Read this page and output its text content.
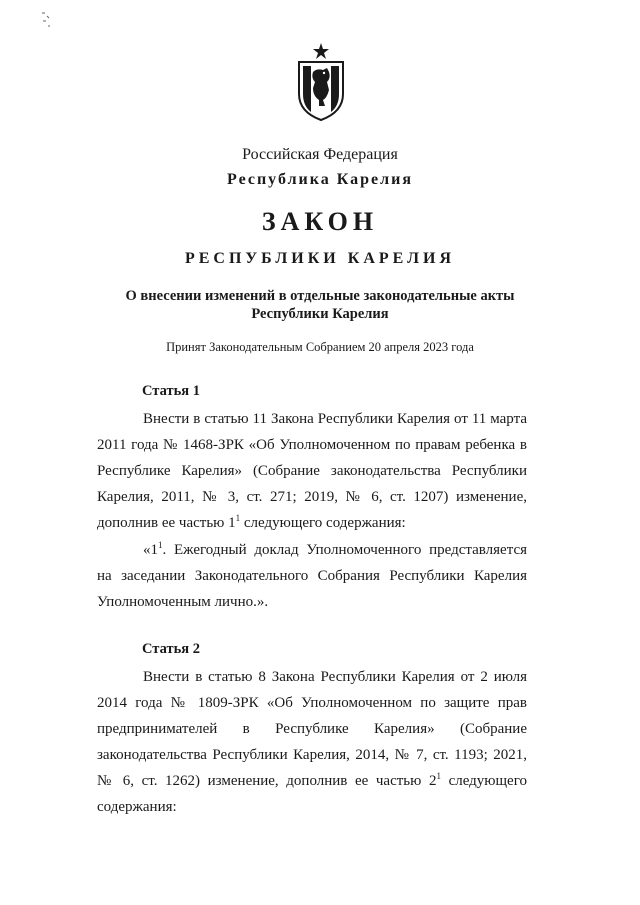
Российская Федерация
Республика Карелия
ЗАКОН
РЕСПУБЛИКИ КАРЕЛИЯ
О внесении изменений в отдельные законодательные акты
Республики Карелия
Принят Законодательным Собранием 20 апреля 2023 года
Статья 1
Внести в статью 11 Закона Республики Карелия от 11 марта 2011 года № 1468-ЗРК «Об Уполномоченном по правам ребенка в Республике Карелия» (Собрание законодательства Республики Карелия, 2011, № 3, ст. 271; 2019, № 6, ст. 1207) изменение, дополнив ее частью $1^1$ следующего содержания:
«$1^1$. Ежегодный доклад Уполномоченного представляется на заседании Законодательного Собрания Республики Карелия Уполномоченным лично.».
Статья 2
Внести в статью 8 Закона Республики Карелия от 2 июля 2014 года № 1809-ЗРК «Об Уполномоченном по защите прав предпринимателей в Республике Карелия» (Собрание законодательства Республики Карелия, 2014, № 7, ст. 1193; 2021, № 6, ст. 1262) изменение, дополнив ее частью $2^1$ следующего содержания:
